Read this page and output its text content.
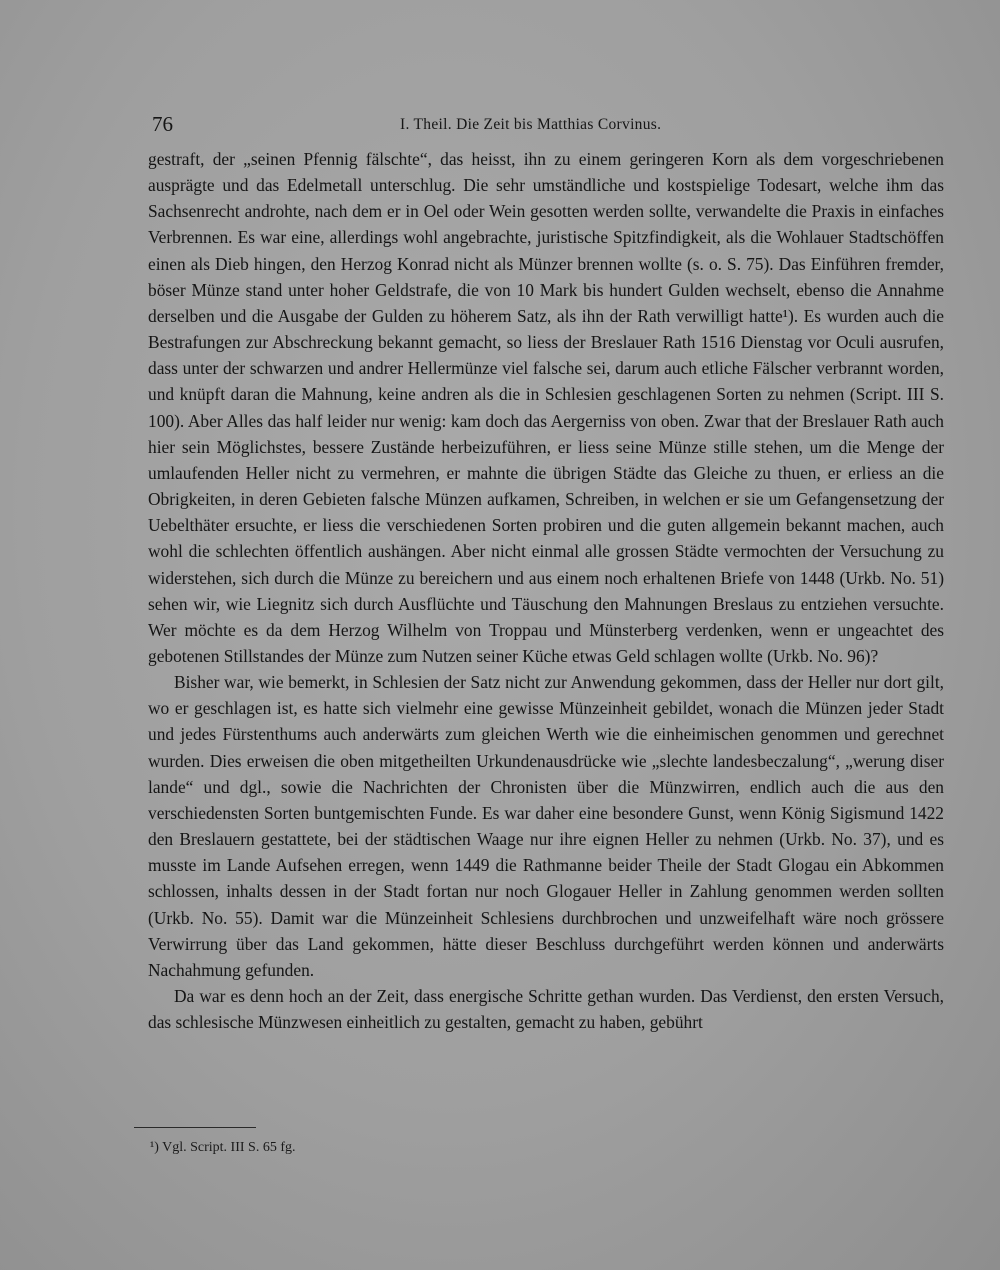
76	I. Theil. Die Zeit bis Matthias Corvinus.

gestraft, der „seinen Pfennig fälschte“, das heisst, ihn zu einem geringeren Korn als dem vorgeschriebenen ausprägte und das Edelmetall unterschlug. Die sehr umständliche und kostspielige Todesart, welche ihm das Sachsenrecht androhte, nach dem er in Oel oder Wein gesotten werden sollte, verwandelte die Praxis in einfaches Verbrennen. Es war eine, allerdings wohl angebrachte, juristische Spitzfindigkeit, als die Wohlauer Stadtschöffen einen als Dieb hingen, den Herzog Konrad nicht als Münzer brennen wollte (s. o. S. 75). Das Einführen fremder, böser Münze stand unter hoher Geldstrafe, die von 10 Mark bis hundert Gulden wechselt, ebenso die Annahme derselben und die Ausgabe der Gulden zu höherem Satz, als ihn der Rath verwilligt hatte¹). Es wurden auch die Bestrafungen zur Abschreckung bekannt gemacht, so liess der Breslauer Rath 1516 Dienstag vor Oculi ausrufen, dass unter der schwarzen und andrer Hellermünze viel falsche sei, darum auch etliche Fälscher verbrannt worden, und knüpft daran die Mahnung, keine andren als die in Schlesien geschlagenen Sorten zu nehmen (Script. III S. 100). Aber Alles das half leider nur wenig: kam doch das Aergerniss von oben. Zwar that der Breslauer Rath auch hier sein Möglichstes, bessere Zustände herbeizuführen, er liess seine Münze stille stehen, um die Menge der umlaufenden Heller nicht zu vermehren, er mahnte die übrigen Städte das Gleiche zu thuen, er erliess an die Obrigkeiten, in deren Gebieten falsche Münzen aufkamen, Schreiben, in welchen er sie um Gefangensetzung der Uebelthäter ersuchte, er liess die verschiedenen Sorten probiren und die guten allgemein bekannt machen, auch wohl die schlechten öffentlich aushängen. Aber nicht einmal alle grossen Städte vermochten der Versuchung zu widerstehen, sich durch die Münze zu bereichern und aus einem noch erhaltenen Briefe von 1448 (Urkb. No. 51) sehen wir, wie Liegnitz sich durch Ausflüchte und Täuschung den Mahnungen Breslaus zu entziehen versuchte. Wer möchte es da dem Herzog Wilhelm von Troppau und Münsterberg verdenken, wenn er ungeachtet des gebotenen Stillstandes der Münze zum Nutzen seiner Küche etwas Geld schlagen wollte (Urkb. No. 96)?

Bisher war, wie bemerkt, in Schlesien der Satz nicht zur Anwendung gekommen, dass der Heller nur dort gilt, wo er geschlagen ist, es hatte sich vielmehr eine gewisse Münzeinheit gebildet, wonach die Münzen jeder Stadt und jedes Fürstenthums auch anderwärts zum gleichen Werth wie die einheimischen genommen und gerechnet wurden. Dies erweisen die oben mitgetheilten Urkundenausdrücke wie „slechte landesbeczalung“, „werung diser lande“ und dgl., sowie die Nachrichten der Chronisten über die Münzwirren, endlich auch die aus den verschiedensten Sorten buntgemischten Funde. Es war daher eine besondere Gunst, wenn König Sigismund 1422 den Breslauern gestattete, bei der städtischen Waage nur ihre eignen Heller zu nehmen (Urkb. No. 37), und es musste im Lande Aufsehen erregen, wenn 1449 die Rathmanne beider Theile der Stadt Glogau ein Abkommen schlossen, inhalts dessen in der Stadt fortan nur noch Glogauer Heller in Zahlung genommen werden sollten (Urkb. No. 55). Damit war die Münzeinheit Schlesiens durchbrochen und unzweifelhaft wäre noch grössere Verwirrung über das Land gekommen, hätte dieser Beschluss durchgeführt werden können und anderwärts Nachahmung gefunden.

Da war es denn hoch an der Zeit, dass energische Schritte gethan wurden. Das Verdienst, den ersten Versuch, das schlesische Münzwesen einheitlich zu gestalten, gemacht zu haben, gebührt

¹) Vgl. Script. III S. 65 fg.
